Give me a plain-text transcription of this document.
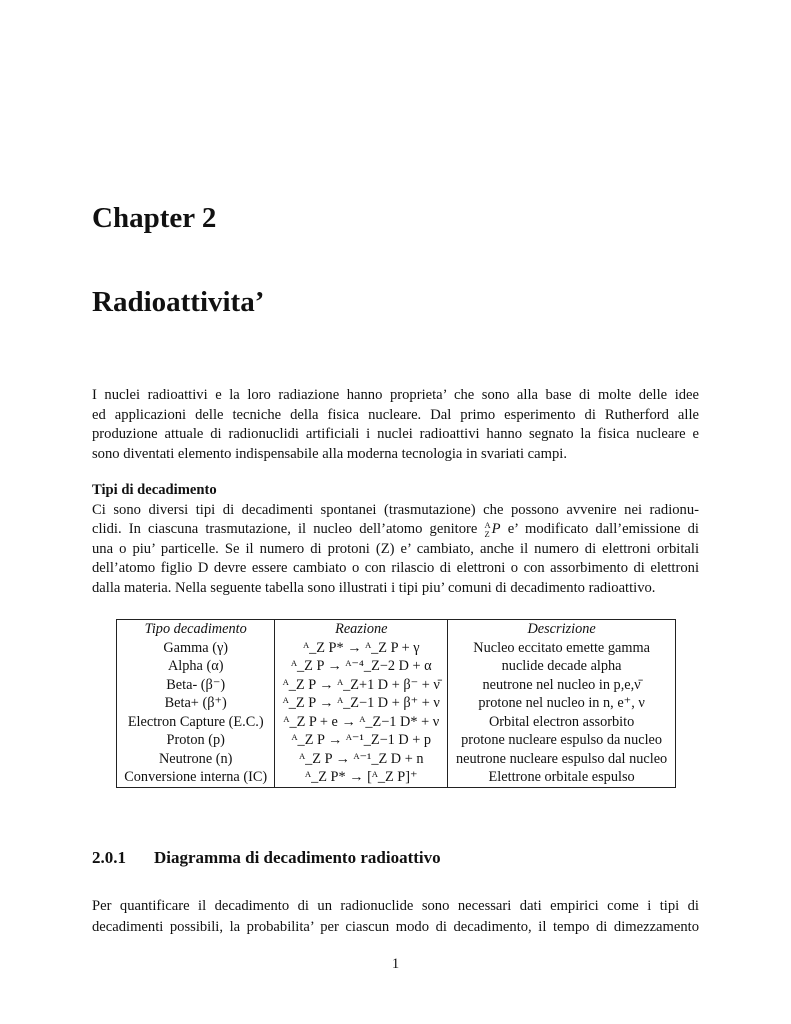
Chapter 2
Radioattivita’

I nuclei radioattivi e la loro radiazione hanno proprieta’ che sono alla base di molte delle idee
ed applicazioni delle tecniche della fisica nucleare. Dal primo esperimento di Rutherford alle
produzione attuale di radionuclidi artificiali i nuclei radioattivi hanno segnato la fisica nucleare e
sono diventati elemento indispensabile alla moderna tecnologia in svariati campi.

Tipi di decadimento
Ci sono diversi tipi di decadimenti spontanei (trasmutazione) che possono avvenire nei radionu-
clidi. In ciascuna trasmutazione, il nucleo dell’atomo genitore A
Z P e’ modificato dall’emissione di
una o piu’ particelle. Se il numero di protoni (Z) e’ cambiato, anche il numero di elettroni orbitali
dell’atomo figlio D devre essere cambiato o con rilascio di elettroni o con assorbimento di elettroni
dalla materia. Nella seguente tabella sono illustrati i tipi piu’ comuni di decadimento radioattivo.

Tipo decadimento	Reazione	Descrizione
Gamma (γ)	ᴬ_Z P* → ᴬ_Z P + γ	Nucleo eccitato emette gamma
Alpha (α)	ᴬ_Z P → ᴬ⁻⁴_Z−2 D + α	nuclide decade alpha
Beta- (β⁻)	ᴬ_Z P → ᴬ_Z+1 D + β⁻ + ν̄	neutrone nel nucleo in p,e,ν̄
Beta+ (β⁺)	ᴬ_Z P → ᴬ_Z−1 D + β⁺ + ν	protone nel nucleo in n, e⁺, ν
Electron Capture (E.C.)	ᴬ_Z P + e → ᴬ_Z−1 D* + ν	Orbital electron assorbito
Proton (p)	ᴬ_Z P → ᴬ⁻¹_Z−1 D + p	protone nucleare espulso da nucleo
Neutrone (n)	ᴬ_Z P → ᴬ⁻¹_Z D + n	neutrone nucleare espulso dal nucleo
Conversione interna (IC)	ᴬ_Z P* → [ᴬ_Z P]⁺	Elettrone orbitale espulso
2.0.1 Diagramma di decadimento radioattivo

Per quantificare il decadimento di un radionuclide sono necessari dati empirici come i tipi di
decadimenti possibili, la probabilita’ per ciascun modo di decadimento, il tempo di dimezzamento

1
